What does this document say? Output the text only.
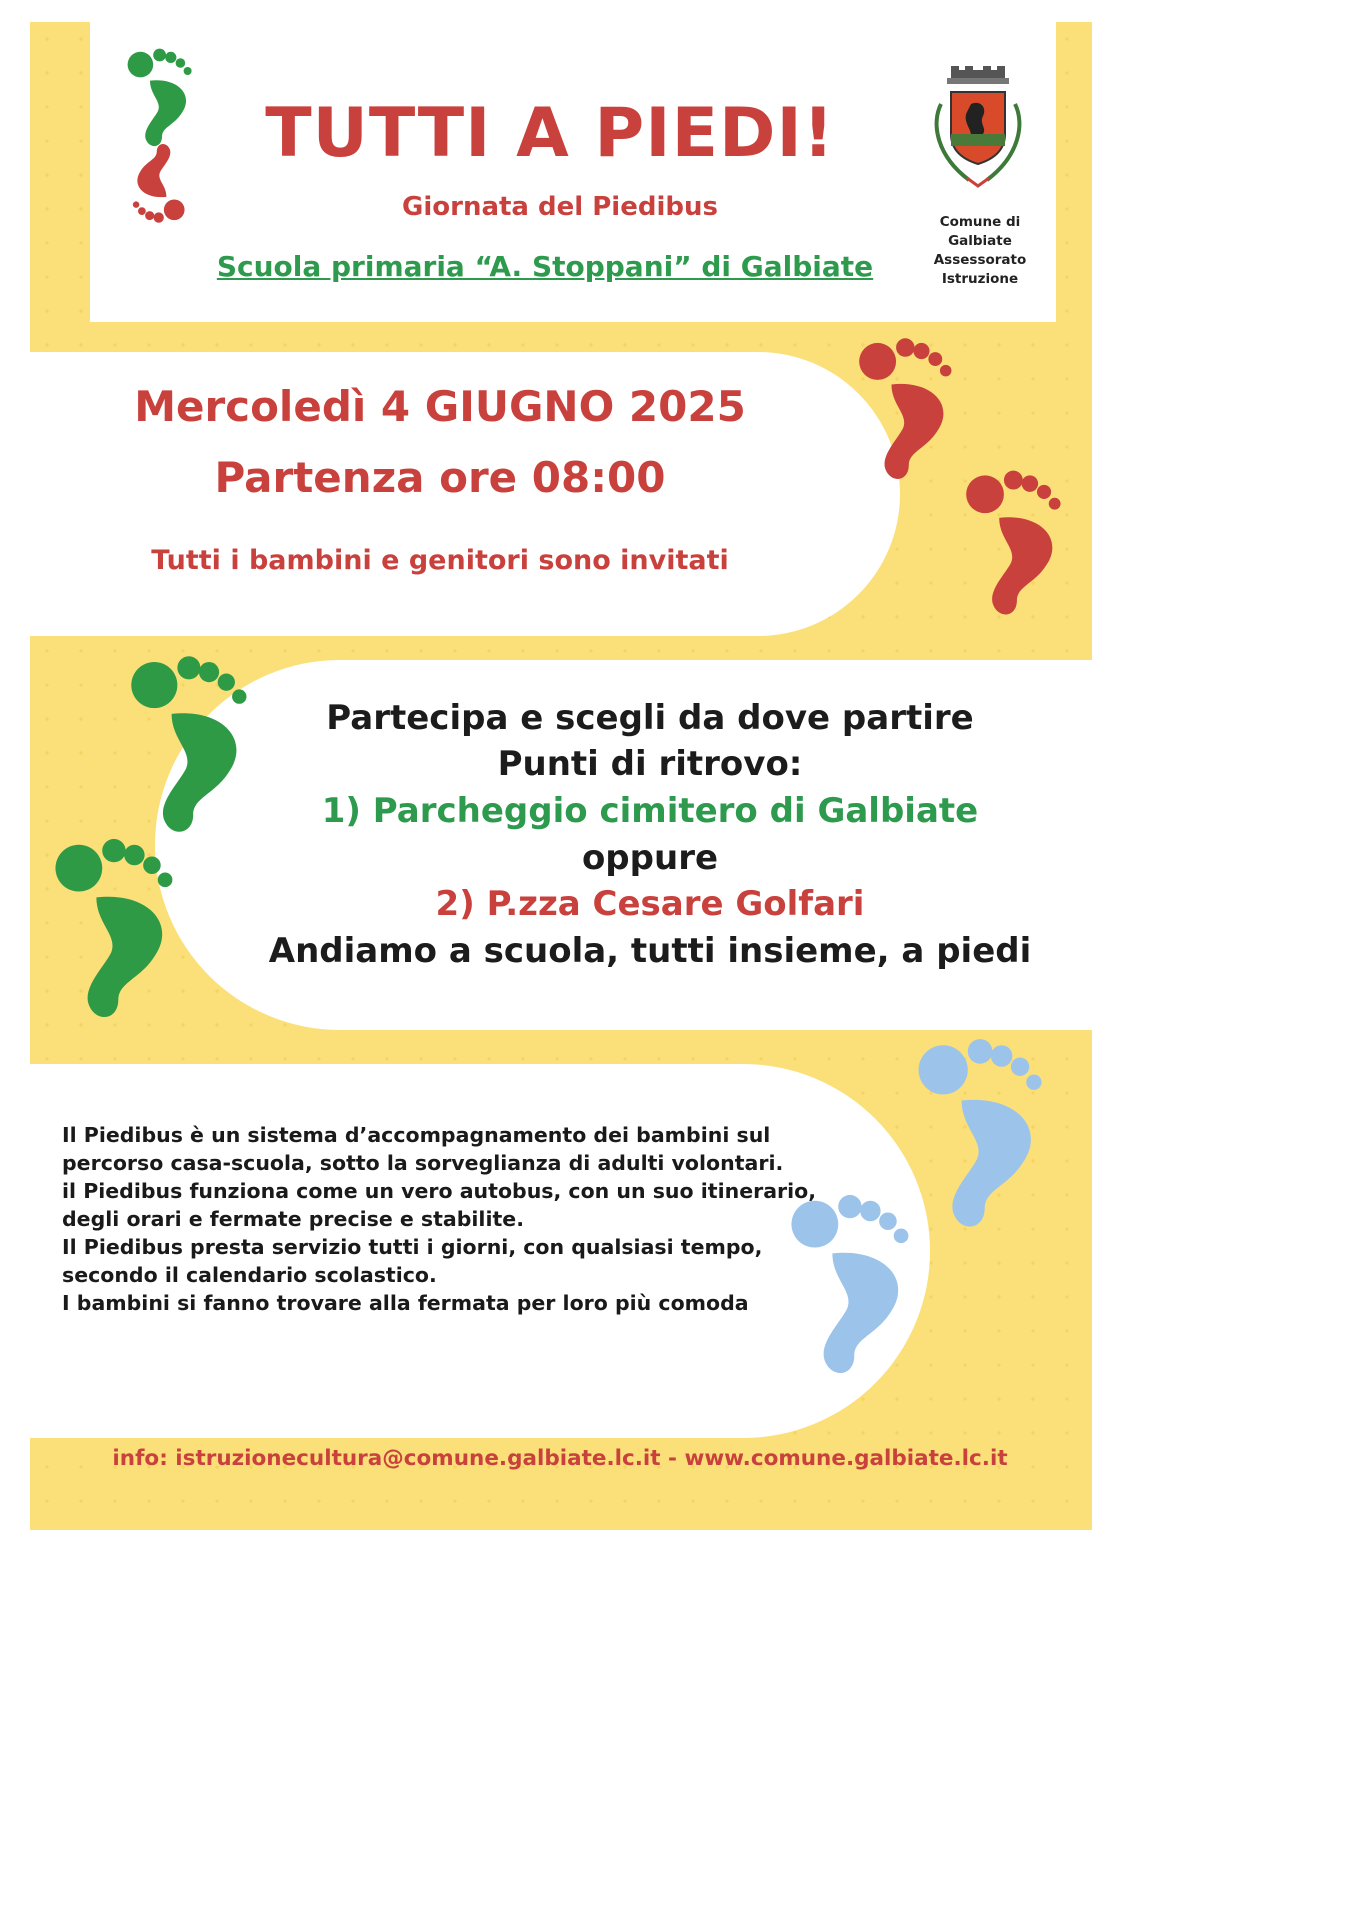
TUTTI A PIEDI!
Giornata del Piedibus
Scuola primaria “A. Stoppani” di Galbiate
Comune di
Galbiate
Assessorato
Istruzione
Mercoledì 4 GIUGNO 2025
Partenza ore 08:00
Tutti i bambini e genitori sono invitati
Partecipa e scegli da dove partire
Punti di ritrovo:
1) Parcheggio cimitero di Galbiate
oppure
2) P.zza Cesare Golfari
Andiamo a scuola, tutti insieme, a piedi

Il Piedibus è un sistema d’accompagnamento dei bambini sul percorso casa-scuola, sotto la sorveglianza di adulti volontari.

il Piedibus funziona come un vero autobus, con un suo itinerario, degli orari e fermate precise e stabilite.

Il Piedibus presta servizio tutti i giorni, con qualsiasi tempo, secondo il calendario scolastico.

I bambini si fanno trovare alla fermata per loro più comoda

info: istruzionecultura@comune.galbiate.lc.it - www.comune.galbiate.lc.it
